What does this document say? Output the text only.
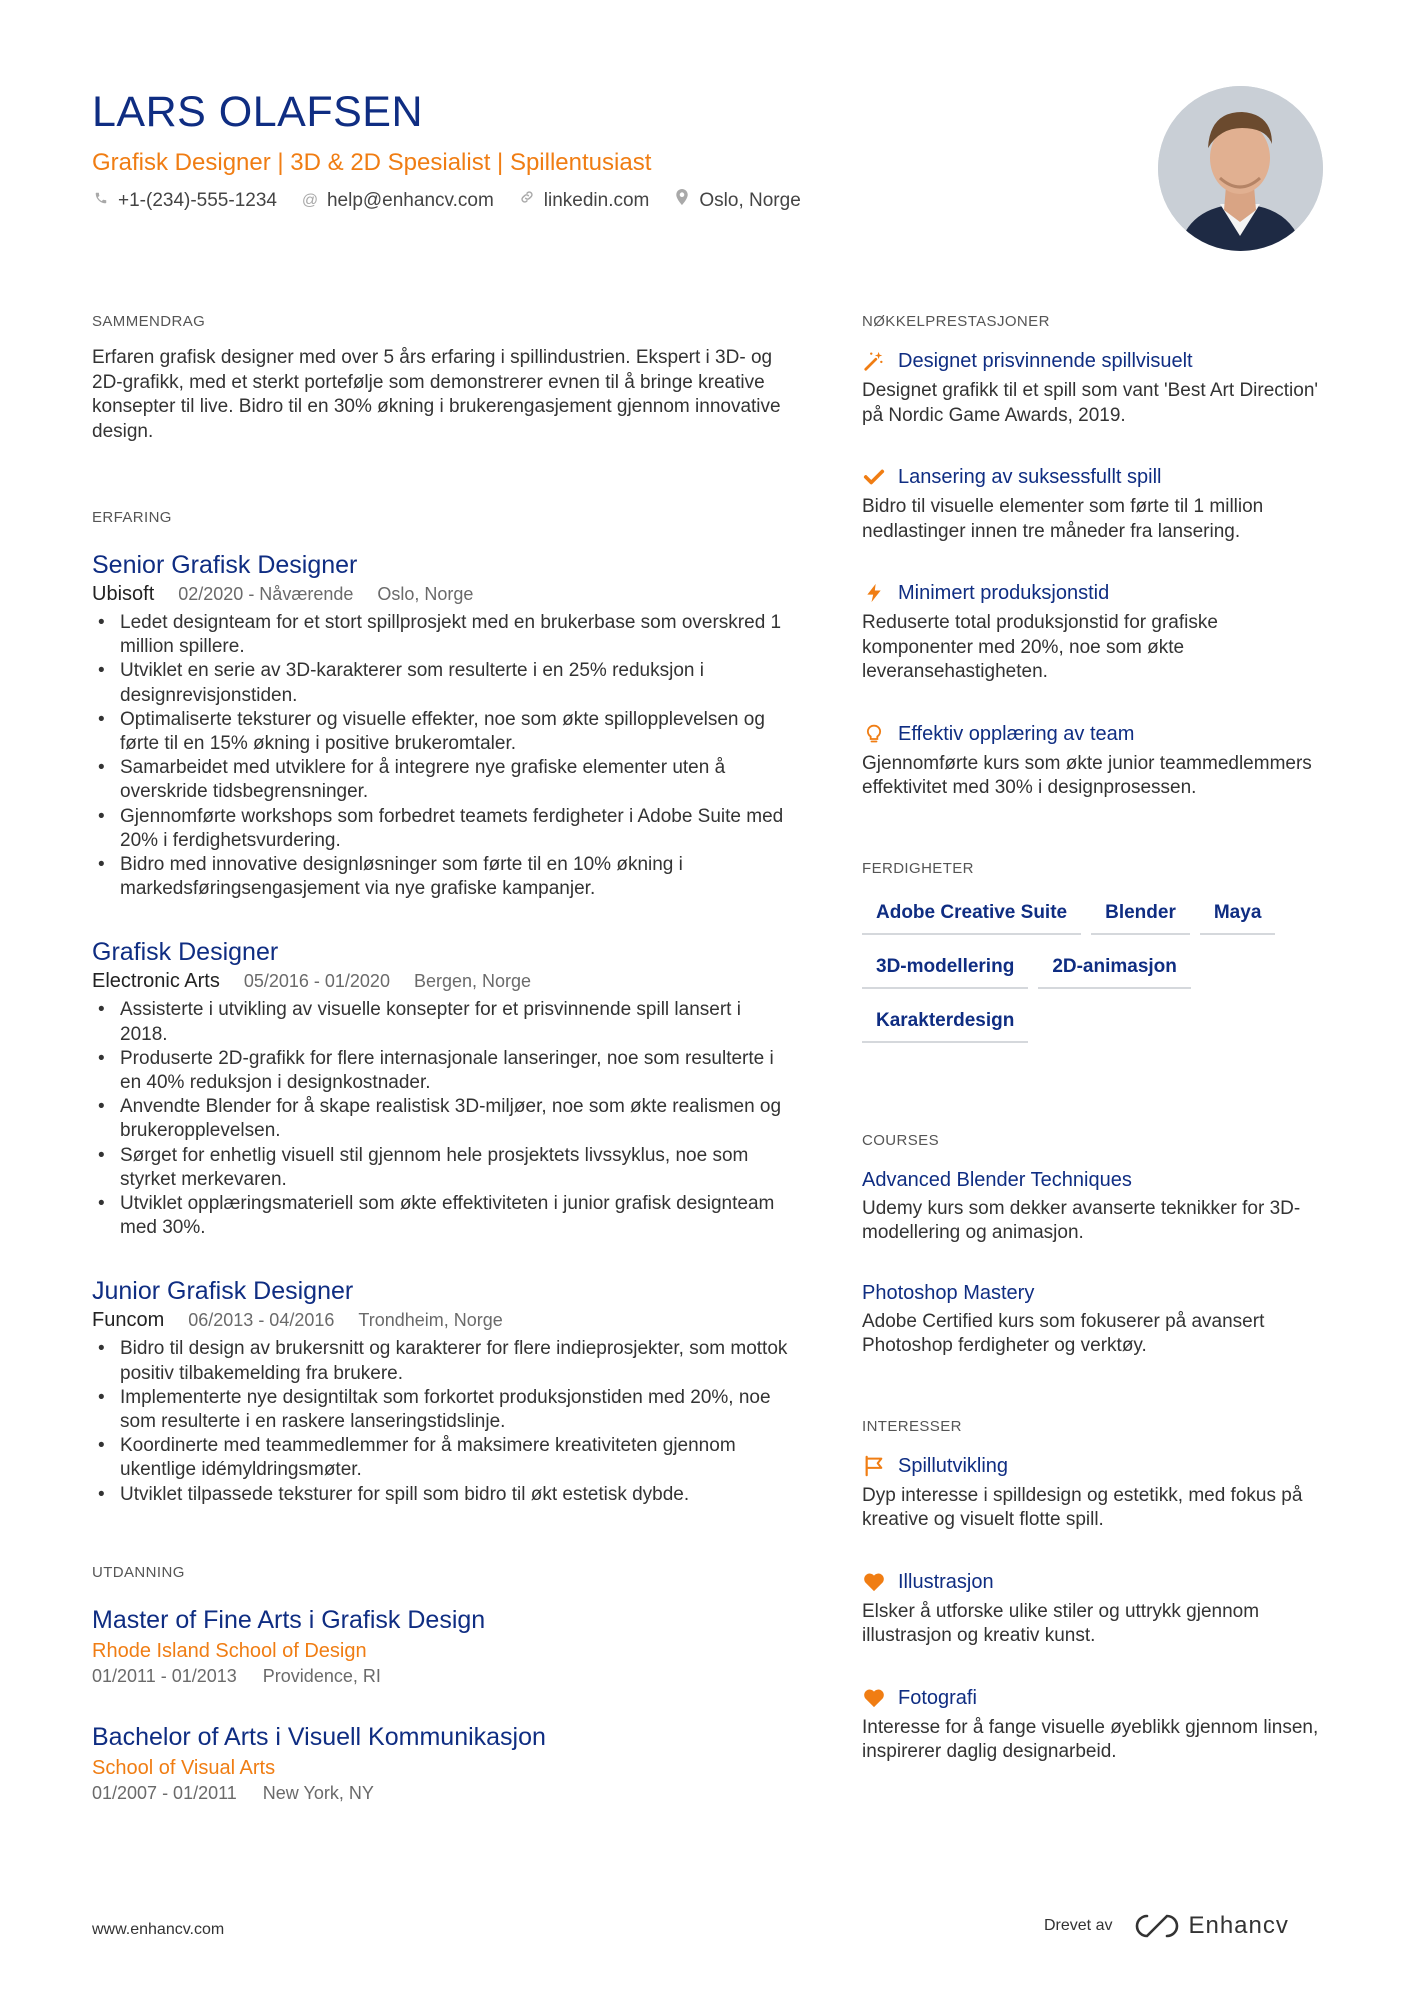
LARS OLAFSEN
Grafisk Designer | 3D & 2D Spesialist | Spillentusiast
+1-(234)-555-1234 @ help@enhancv.com	linkedin.com	Oslo, Norge
SAMMENDRAG

Erfaren grafisk designer med over 5 års erfaring i spillindustrien. Ekspert i 3D- og 2D-grafikk, med et sterkt portefølje som demonstrerer evnen til å bringe kreative konsepter til live. Bidro til en 30% økning i brukerengasjement gjennom innovative design.

ERFARING
Senior Grafisk Designer
Ubisoft 02/2020 - Nåværende Oslo, Norge
• Ledet designteam for et stort spillprosjekt med en brukerbase som overskred 1 million spillere.
• Utviklet en serie av 3D-karakterer som resulterte i en 25% reduksjon i designrevisjonstiden.
• Optimaliserte teksturer og visuelle effekter, noe som økte spillopplevelsen og førte til en 15% økning i positive brukeromtaler.
• Samarbeidet med utviklere for å integrere nye grafiske elementer uten å overskride tidsbegrensninger.
• Gjennomførte workshops som forbedret teamets ferdigheter i Adobe Suite med 20% i ferdighetsvurdering.
• Bidro med innovative designløsninger som førte til en 10% økning i markedsføringsengasjement via nye grafiske kampanjer.
Grafisk Designer
Electronic Arts 05/2016 - 01/2020 Bergen, Norge
• Assisterte i utvikling av visuelle konsepter for et prisvinnende spill lansert i 2018.
• Produserte 2D-grafikk for flere internasjonale lanseringer, noe som resulterte i en 40% reduksjon i designkostnader.
• Anvendte Blender for å skape realistisk 3D-miljøer, noe som økte realismen og brukeropplevelsen.
• Sørget for enhetlig visuell stil gjennom hele prosjektets livssyklus, noe som styrket merkevaren.
• Utviklet opplæringsmateriell som økte effektiviteten i junior grafisk designteam med 30%.
Junior Grafisk Designer
Funcom 06/2013 - 04/2016 Trondheim, Norge
• Bidro til design av brukersnitt og karakterer for flere indieprosjekter, som mottok positiv tilbakemelding fra brukere.
• Implementerte nye designtiltak som forkortet produksjonstiden med 20%, noe som resulterte i en raskere lanseringstidslinje.
• Koordinerte med teammedlemmer for å maksimere kreativiteten gjennom ukentlige idémyldringsmøter.
• Utviklet tilpassede teksturer for spill som bidro til økt estetisk dybde.
UTDANNING
Master of Fine Arts i Grafisk Design
Rhode Island School of Design
01/2011 - 01/2013 Providence, RI
Bachelor of Arts i Visuell Kommunikasjon
School of Visual Arts
01/2007 - 01/2011 New York, NY
NØKKELPRESTASJONER
Designet prisvinnende spillvisuelt
Designet grafikk til et spill som vant 'Best Art Direction' på Nordic Game Awards, 2019.
Lansering av suksessfullt spill
Bidro til visuelle elementer som førte til 1 million nedlastinger innen tre måneder fra lansering.
Minimert produksjonstid
Reduserte total produksjonstid for grafiske komponenter med 20%, noe som økte leveransehastigheten.
Effektiv opplæring av team
Gjennomførte kurs som økte junior teammedlemmers effektivitet med 30% i designprosessen.
FERDIGHETER
Adobe Creative Suite	Blender	Maya
3D-modellering	2D-animasjon
Karakterdesign
COURSES
Advanced Blender Techniques
Udemy kurs som dekker avanserte teknikker for 3D-modellering og animasjon.
Photoshop Mastery
Adobe Certified kurs som fokuserer på avansert Photoshop ferdigheter og verktøy.
INTERESSER
Spillutvikling
Dyp interesse i spilldesign og estetikk, med fokus på kreative og visuelt flotte spill.
Illustrasjon
Elsker å utforske ulike stiler og uttrykk gjennom illustrasjon og kreativ kunst.
Fotografi
Interesse for å fange visuelle øyeblikk gjennom linsen, inspirerer daglig designarbeid.
www.enhancv.com	Drevet av	Enhancv
